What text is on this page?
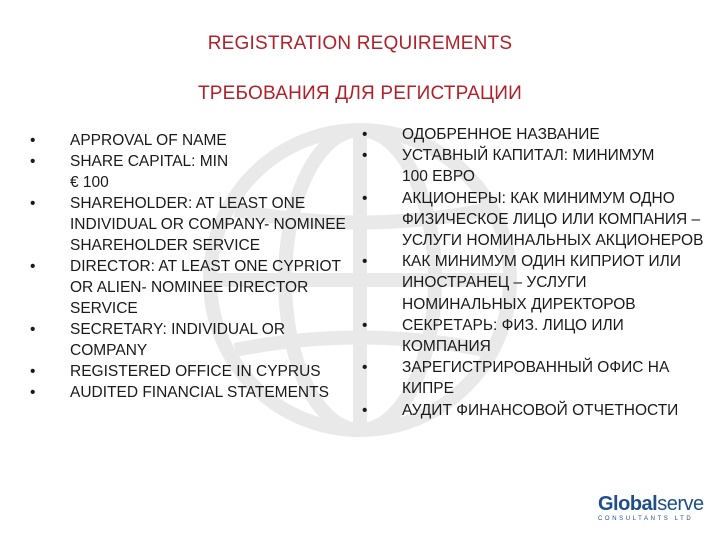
REGISTRATION REQUIREMENTS
ТРЕБОВАНИЯ ДЛЯ РЕГИСТРАЦИИ
•	APPROVAL OF NAME
•	SHARE CAPITAL: MIN
€ 100
•	SHAREHOLDER: AT LEAST ONE INDIVIDUAL OR COMPANY- NOMINEE SHAREHOLDER SERVICE
•	DIRECTOR: AT LEAST ONE CYPRIOT OR ALIEN- NOMINEE DIRECTOR SERVICE
•	SECRETARY: INDIVIDUAL OR COMPANY
•	REGISTERED OFFICE IN CYPRUS
•	AUDITED FINANCIAL STATEMENTS
•	ОДОБРЕННОЕ НАЗВАНИЕ
•	УСТАВНЫЙ КАПИТАЛ: МИНИМУМ
100 ЕВРО
•	АКЦИОНЕРЫ: КАК МИНИМУМ ОДНО ФИЗИЧЕСКОЕ ЛИЦО ИЛИ КОМПАНИЯ – УСЛУГИ НОМИНАЛЬНЫХ АКЦИОНЕРОВ
•	КАК МИНИМУМ ОДИН КИПРИОТ ИЛИ ИНОСТРАНЕЦ – УСЛУГИ НОМИНАЛЬНЫХ ДИРЕКТОРОВ
•	СЕКРЕТАРЬ: ФИЗ. ЛИЦО ИЛИ КОМПАНИЯ
•	ЗАРЕГИСТРИРОВАННЫЙ ОФИС НА КИПРЕ
•	АУДИТ ФИНАНСОВОЙ ОТЧЕТНОСТИ
Globalserve
CONSULTANTS LTD
